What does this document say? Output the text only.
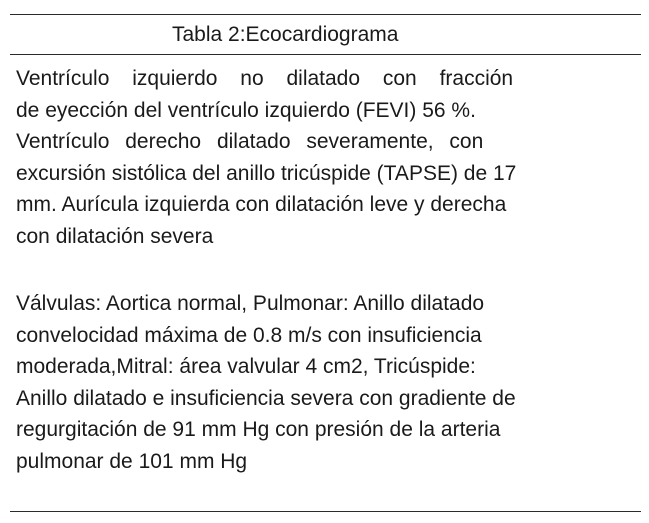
Tabla 2:Ecocardiograma
Ventrículo izquierdo no dilatado con fracción
de eyección del ventrículo izquierdo (FEVI) 56 %.
Ventrículo derecho dilatado severamente, con
excursión sistólica del anillo tricúspide (TAPSE) de 17
mm. Aurícula izquierda con dilatación leve y derecha
con dilatación severa
Válvulas: Aortica normal, Pulmonar: Anillo dilatado
convelocidad máxima de 0.8 m/s con insuficiencia
moderada,Mitral: área valvular 4 cm2, Tricúspide:
Anillo dilatado e insuficiencia severa con gradiente de
regurgitación de 91 mm Hg con presión de la arteria
pulmonar de 101 mm Hg
